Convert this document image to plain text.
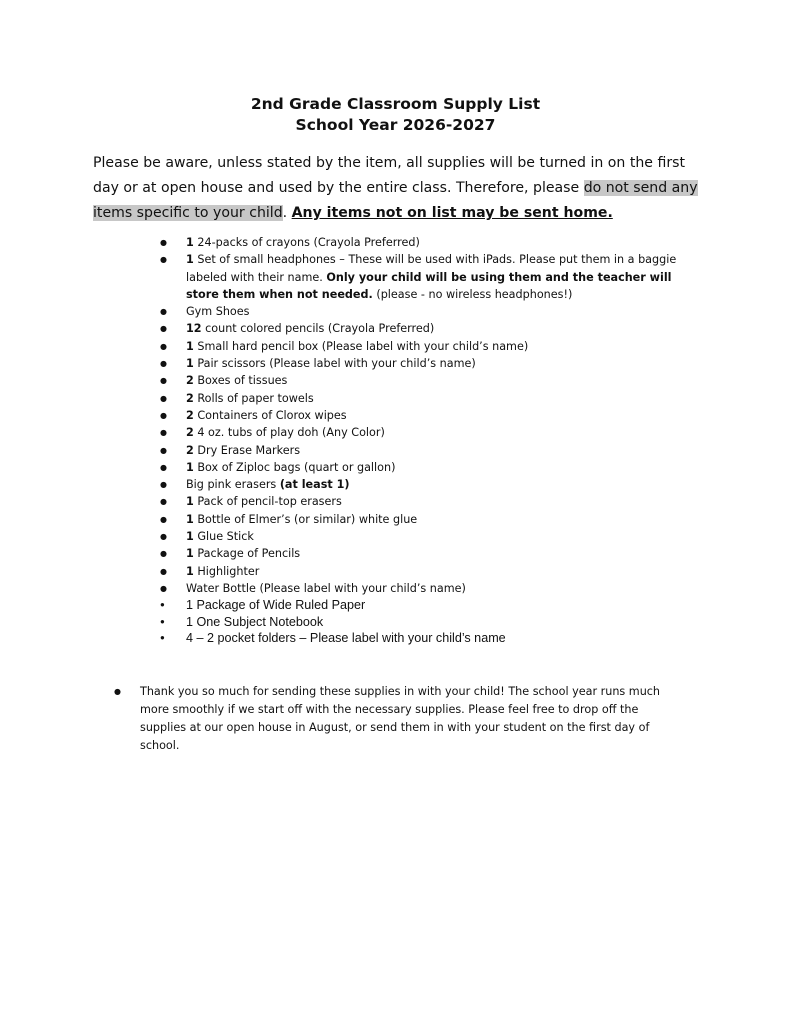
2nd Grade Classroom Supply List
School Year 2026-2027

Please be aware, unless stated by the item, all supplies will be turned in on the first day or at open house and used by the entire class. Therefore, please do not send any items specific to your child. Any items not on list may be sent home.

● 1 24-packs of crayons (Crayola Preferred)
● 1 Set of small headphones – These will be used with iPads. Please put them in a baggie labeled with their name. Only your child will be using them and the teacher will store them when not needed. (please - no wireless headphones!)
● Gym Shoes
● 12 count colored pencils (Crayola Preferred)
● 1 Small hard pencil box (Please label with your child’s name)
● 1 Pair scissors (Please label with your child’s name)
● 2 Boxes of tissues
● 2 Rolls of paper towels
● 2 Containers of Clorox wipes
● 2 4 oz. tubs of play doh (Any Color)
● 2 Dry Erase Markers
● 1 Box of Ziploc bags (quart or gallon)
● Big pink erasers (at least 1)
● 1 Pack of pencil-top erasers
● 1 Bottle of Elmer’s (or similar) white glue
● 1 Glue Stick
● 1 Package of Pencils
● 1 Highlighter
● Water Bottle (Please label with your child’s name)
● 1 Package of Wide Ruled Paper
● 1 One Subject Notebook
● 4 – 2 pocket folders – Please label with your child’s name
● Thank you so much for sending these supplies in with your child! The school year runs much more smoothly if we start off with the necessary supplies. Please feel free to drop off the supplies at our open house in August, or send them in with your student on the first day of school.
